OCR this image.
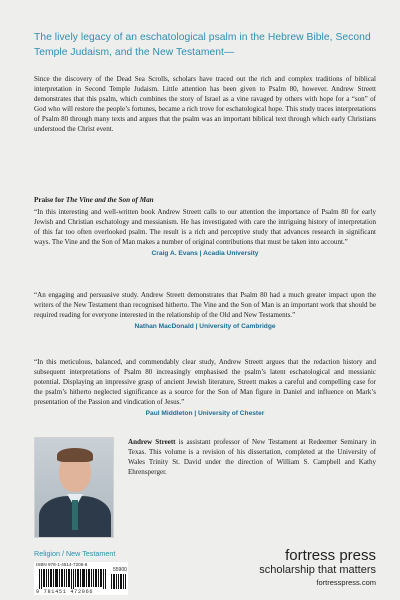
The lively legacy of an eschatological psalm in the Hebrew Bible, Second Temple Judaism, and the New Testament—
Since the discovery of the Dead Sea Scrolls, scholars have traced out the rich and complex traditions of biblical interpretation in Second Temple Judaism. Little attention has been given to Psalm 80, however. Andrew Streett demonstrates that this psalm, which combines the story of Israel as a vine ravaged by others with hope for a “son” of God who will restore the people’s fortunes, became a rich trove for eschatological hope. This study traces interpretations of Psalm 80 through many texts and argues that the psalm was an important biblical text through which early Christians understood the Christ event.
Praise for The Vine and the Son of Man
“In this interesting and well-written book Andrew Streett calls to our attention the importance of Psalm 80 for early Jewish and Christian eschatology and messianism. He has investigated with care the intriguing history of interpretation of this far too often overlooked psalm. The result is a rich and perceptive study that advances research in significant ways. The Vine and the Son of Man makes a number of original contributions that must be taken into account.”
Craig A. Evans | Acadia University
“An engaging and persuasive study. Andrew Streett demonstrates that Psalm 80 had a much greater impact upon the writers of the New Testament than recognised hitherto. The Vine and the Son of Man is an important work that should be required reading for everyone interested in the relationship of the Old and New Testaments.”
Nathan MacDonald | University of Cambridge
“In this meticulous, balanced, and commendably clear study, Andrew Streett argues that the redaction history and subsequent interpretations of Psalm 80 increasingly emphasised the psalm’s latent eschatological and messianic potential. Displaying an impressive grasp of ancient Jewish literature, Streett makes a careful and compelling case for the psalm’s hitherto neglected significance as a source for the Son of Man figure in Daniel and influence on Mark’s presentation of the Passion and vindication of Jesus.”
Paul Middleton | University of Chester
Andrew Streett is assistant professor of New Testament at Redeemer Seminary in Texas. This volume is a revision of his dissertation, completed at the University of Wales Trinity St. David under the direction of William S. Campbell and Kathy Ehrensperger.
Religion / New Testament
ISBN 978-1-4514-7206-6
55900
9 781451 472066
fortress press
scholarship that matters
fortresspress.com
